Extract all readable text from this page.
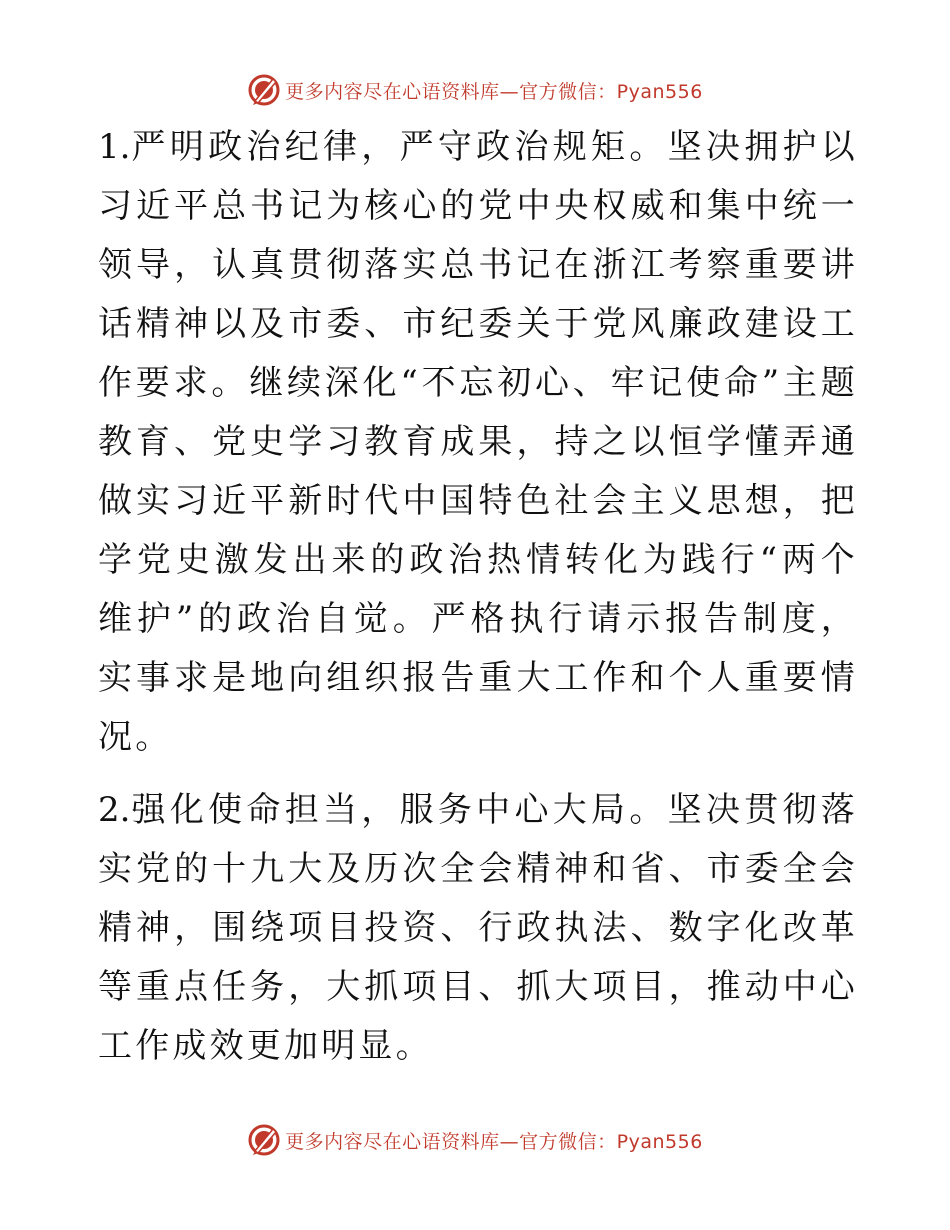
更多内容尽在心语资料库—官方微信：Pyan556

1.严明政治纪律，严守政治规矩。坚决拥护以习近平总书记为核心的党中央权威和集中统一领导，认真贯彻落实总书记在浙江考察重要讲话精神以及市委、市纪委关于党风廉政建设工作要求。继续深化“不忘初心、牢记使命”主题教育、党史学习教育成果，持之以恒学懂弄通做实习近平新时代中国特色社会主义思想，把学党史激发出来的政治热情转化为践行“两个维护”的政治自觉。严格执行请示报告制度，实事求是地向组织报告重大工作和个人重要情况。

2.强化使命担当，服务中心大局。坚决贯彻落实党的十九大及历次全会精神和省、市委全会精神，围绕项目投资、行政执法、数字化改革等重点任务，大抓项目、抓大项目，推动中心工作成效更加明显。

更多内容尽在心语资料库—官方微信：Pyan556
